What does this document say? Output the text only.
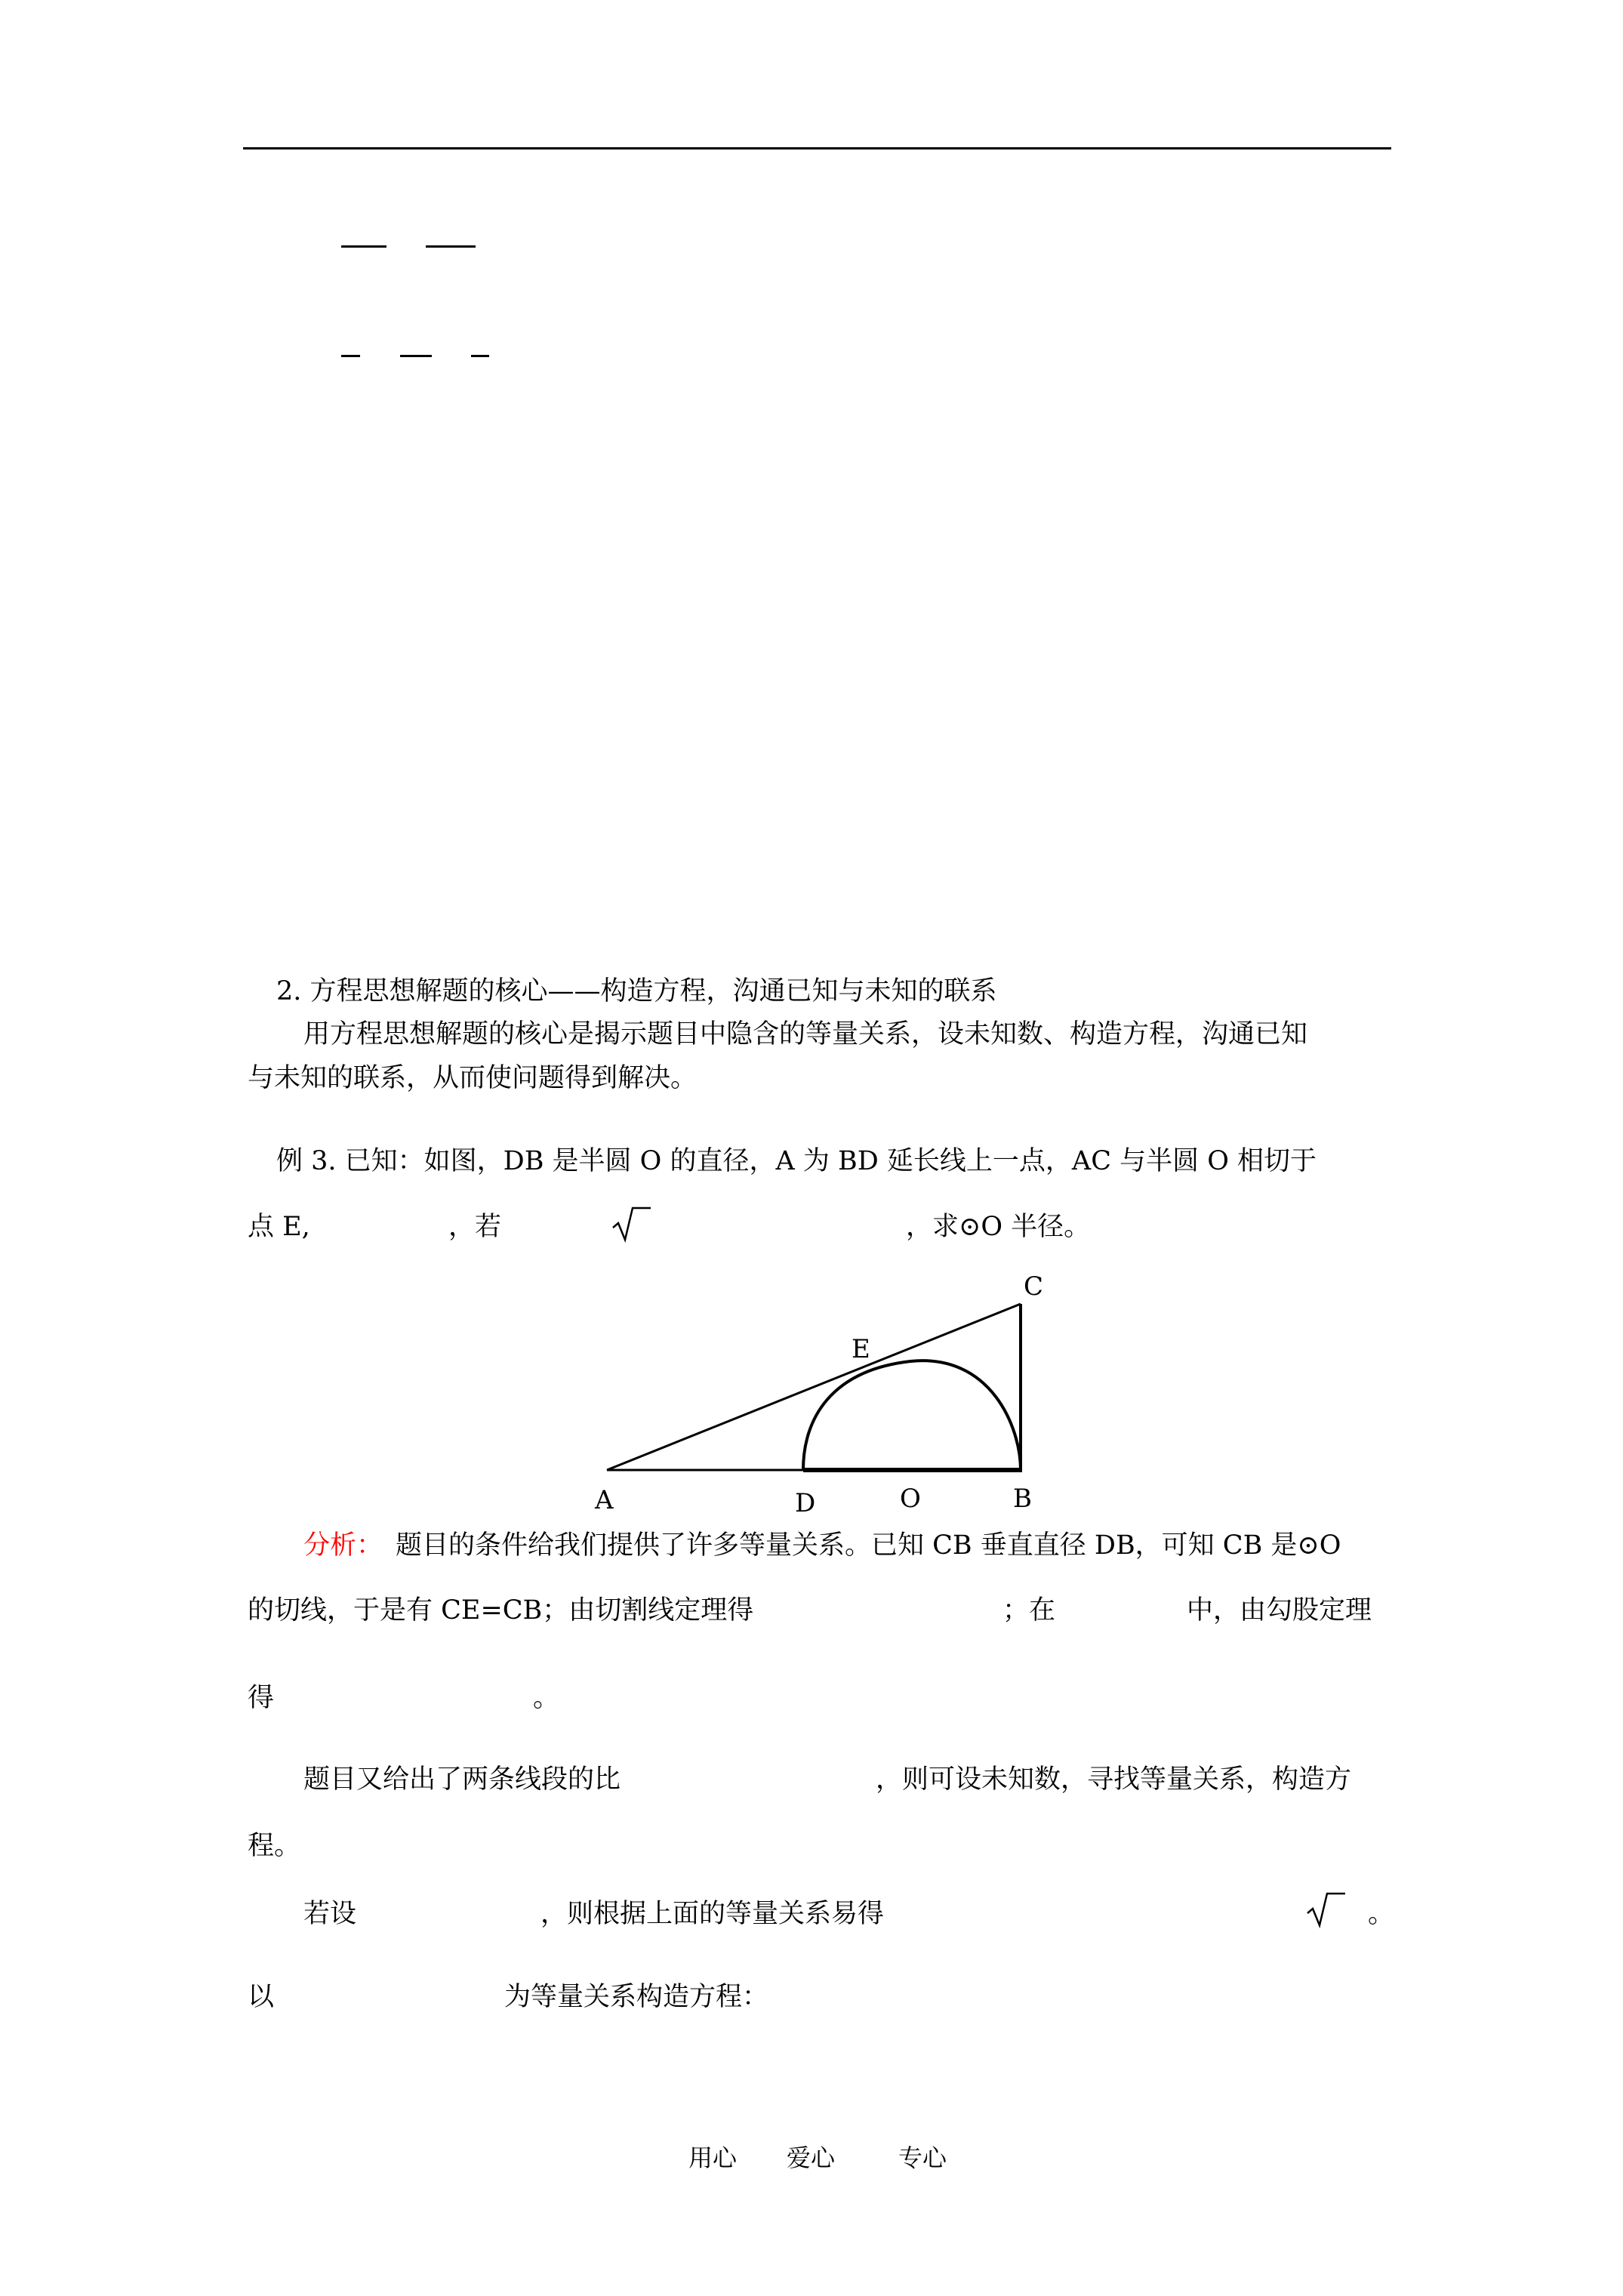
2. 方程思想解题的核心——构造方程，沟通已知与未知的联系
用方程思想解题的核心是揭示题目中隐含的等量关系，设未知数、构造方程，沟通已知
与未知的联系，从而使问题得到解决。
例 3. 已知：如图，DB 是半圆 O 的直径，A 为 BD 延长线上一点，AC 与半圆 O 相切于
点 E,	，若	，求⊙O 半径。
A	D	O	B
C
E
分析： 题目的条件给我们提供了许多等量关系。已知 CB 垂直直径 DB，可知 CB 是⊙O
的切线，于是有 CE=CB；由切割线定理得	；在	中，由勾股定理
得	。
题目又给出了两条线段的比	，则可设未知数，寻找等量关系，构造方
程。
若设	，则根据上面的等量关系易得	。
以	为等量关系构造方程：
用心 爱心	专心
